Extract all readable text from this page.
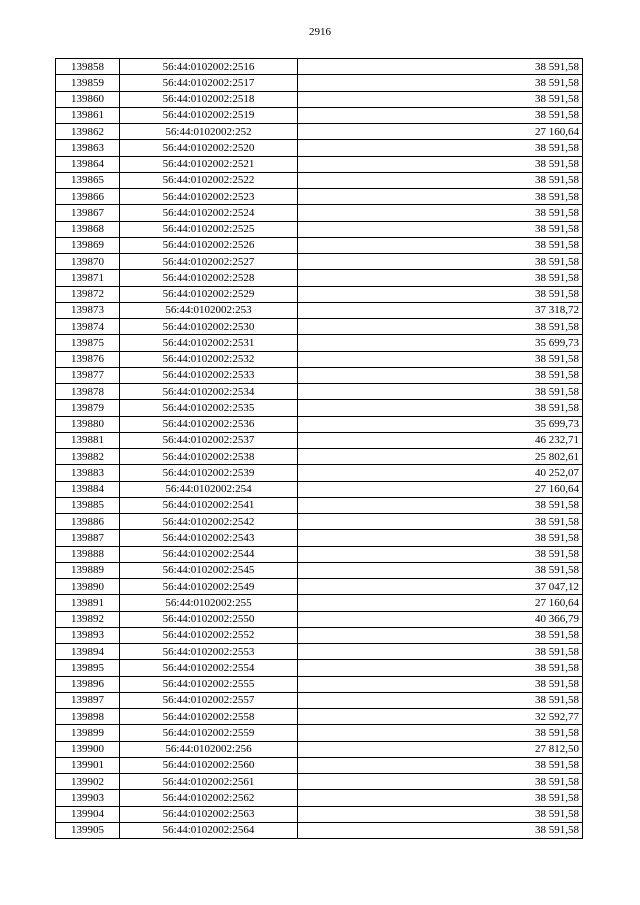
2916
139858	56:44:0102002:2516	38 591,58
139859	56:44:0102002:2517	38 591,58
139860	56:44:0102002:2518	38 591,58
139861	56:44:0102002:2519	38 591,58
139862	56:44:0102002:252	27 160,64
139863	56:44:0102002:2520	38 591,58
139864	56:44:0102002:2521	38 591,58
139865	56:44:0102002:2522	38 591,58
139866	56:44:0102002:2523	38 591,58
139867	56:44:0102002:2524	38 591,58
139868	56:44:0102002:2525	38 591,58
139869	56:44:0102002:2526	38 591,58
139870	56:44:0102002:2527	38 591,58
139871	56:44:0102002:2528	38 591,58
139872	56:44:0102002:2529	38 591,58
139873	56:44:0102002:253	37 318,72
139874	56:44:0102002:2530	38 591,58
139875	56:44:0102002:2531	35 699,73
139876	56:44:0102002:2532	38 591,58
139877	56:44:0102002:2533	38 591,58
139878	56:44:0102002:2534	38 591,58
139879	56:44:0102002:2535	38 591,58
139880	56:44:0102002:2536	35 699,73
139881	56:44:0102002:2537	46 232,71
139882	56:44:0102002:2538	25 802,61
139883	56:44:0102002:2539	40 252,07
139884	56:44:0102002:254	27 160,64
139885	56:44:0102002:2541	38 591,58
139886	56:44:0102002:2542	38 591,58
139887	56:44:0102002:2543	38 591,58
139888	56:44:0102002:2544	38 591,58
139889	56:44:0102002:2545	38 591,58
139890	56:44:0102002:2549	37 047,12
139891	56:44:0102002:255	27 160,64
139892	56:44:0102002:2550	40 366,79
139893	56:44:0102002:2552	38 591,58
139894	56:44:0102002:2553	38 591,58
139895	56:44:0102002:2554	38 591,58
139896	56:44:0102002:2555	38 591,58
139897	56:44:0102002:2557	38 591,58
139898	56:44:0102002:2558	32 592,77
139899	56:44:0102002:2559	38 591,58
139900	56:44:0102002:256	27 812,50
139901	56:44:0102002:2560	38 591,58
139902	56:44:0102002:2561	38 591,58
139903	56:44:0102002:2562	38 591,58
139904	56:44:0102002:2563	38 591,58
139905	56:44:0102002:2564	38 591,58
